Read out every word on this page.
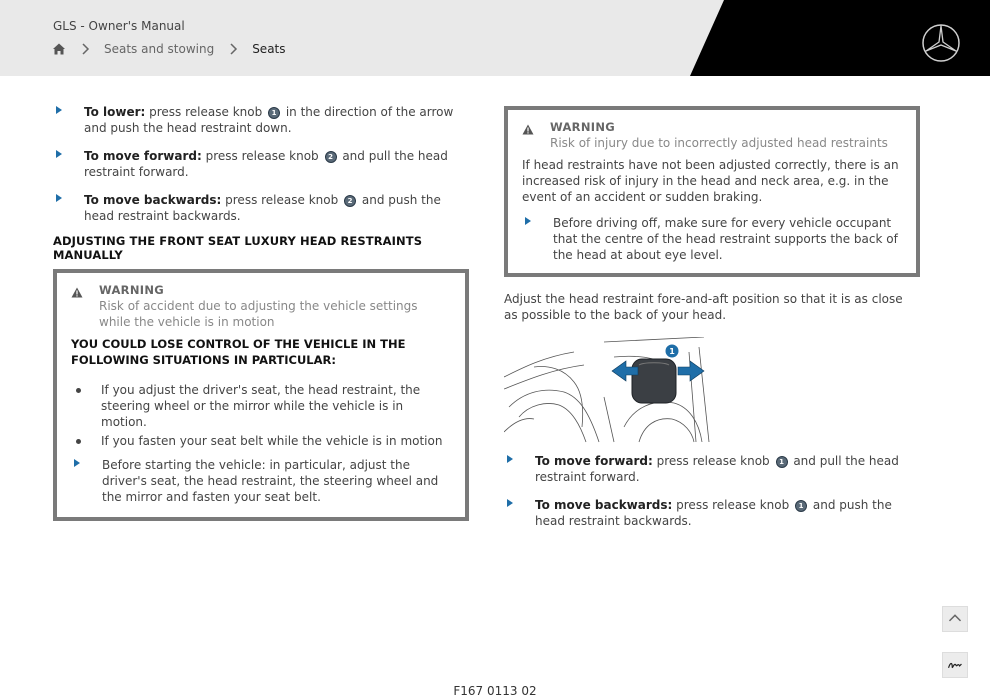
GLS - Owner's Manual
Seats and stowing	Seats
To lower: press release knob 1 in the direction of the arrow and push the head restraint down.
To move forward: press release knob 2 and pull the head restraint forward.
To move backwards: press release knob 2 and push the head restraint backwards.
ADJUSTING THE FRONT SEAT LUXURY HEAD RESTRAINTS MANUALLY
WARNING
Risk of accident due to adjusting the vehicle settings while the vehicle is in motion
YOU COULD LOSE CONTROL OF THE VEHICLE IN THE FOLLOWING SITUATIONS IN PARTICULAR:
If you adjust the driver's seat, the head restraint, the steering wheel or the mirror while the vehicle is in motion.
If you fasten your seat belt while the vehicle is in motion
Before starting the vehicle: in particular, adjust the driver's seat, the head restraint, the steering wheel and the mirror and fasten your seat belt.
WARNING
Risk of injury due to incorrectly adjusted head restraints
If head restraints have not been adjusted correctly, there is an increased risk of injury in the head and neck area, e.g. in the event of an accident or sudden braking.
Before driving off, make sure for every vehicle occupant that the centre of the head restraint supports the back of the head at about eye level.
Adjust the head restraint fore-and-aft position so that it is as close as possible to the back of your head.
1
To move forward: press release knob 1 and pull the head restraint forward.
To move backwards: press release knob 1 and push the head restraint backwards.
F167 0113 02
